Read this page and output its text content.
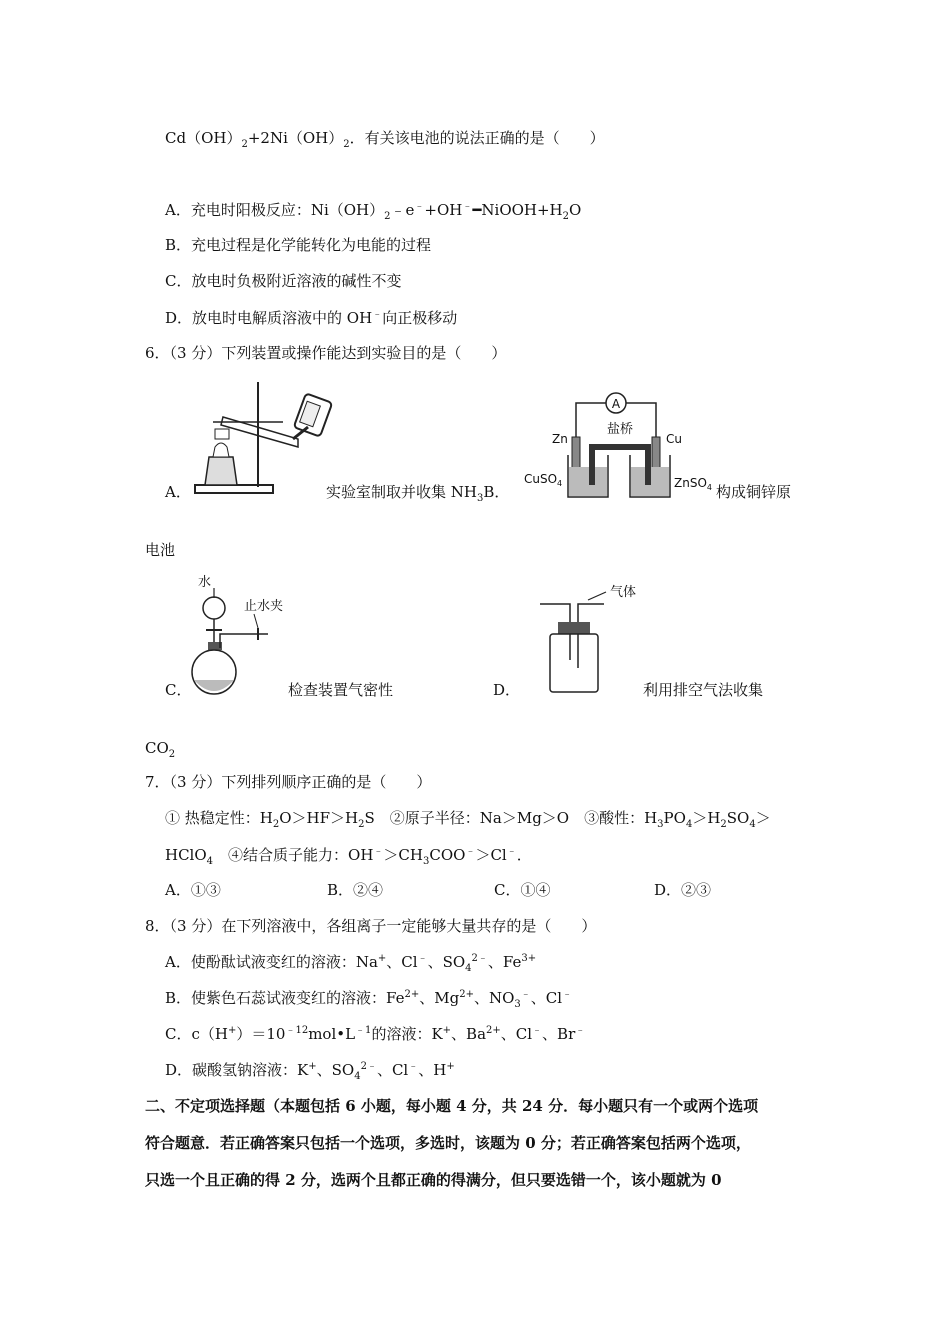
$Cd(OH)_2+2Ni(OH)_2$．有关该电池的说法正确的是（　　）
A．充电时阳极反应：$Ni(OH)_2﹣e^﹣+OH^﹣━NiOOH+H_2O$
B．充电过程是化学能转化为电能的过程
C．放电时负极附近溶液的碱性不变
D．放电时电解质溶液中的 OH﹣向正极移动
6．（3 分）下列装置或操作能达到实验目的是（　　）
A．	实验室制取并收集 $NH_3B$．
A
盐桥
Zn	Cu
CuSO$_4$	ZnSO$_4$ 构成铜锌原
电池
水
止水夹
C．	检查装置气密性
气体
D．	利用排空气法收集
$CO_2$
7．（3 分）下列排列顺序正确的是（　　）
① 热稳定性：$H_2O>HF>H_2S$　②原子半径：Na＞Mg＞O　③酸性：$H_3PO_4>H_2SO_4>$
HClO$_4$　④结合质子能力：$OH^﹣>CH_3COO^﹣>Cl^﹣$．
A．①③	B．②④	C．①④	D．②③
8．（3 分）在下列溶液中，各组离子一定能够大量共存的是（　　）
A．使酚酞试液变红的溶液：Na+、Cl﹣、$SO_4^{2﹣}$、$Fe^{3+}$
B．使紫色石蕊试液变红的溶液：$Fe^{2+}$、$Mg^{2+}$、$NO_3^﹣$、Cl﹣
C．$c(H^+)=10^{﹣12}mol•L^{﹣1}$的溶液：K+、$Ba^{2+}$、Cl﹣、Br﹣
D．碳酸氢钠溶液：K+、$SO_4^{2﹣}$、Cl﹣、H+
二、不定项选择题（本题包括 6 小题，每小题 4 分，共 24 分．每小题只有一个或两个选项
符合题意．若正确答案只包括一个选项，多选时，该题为 0 分；若正确答案包括两个选项，
只选一个且正确的得 2 分，选两个且都正确的得满分，但只要选错一个，该小题就为 0
